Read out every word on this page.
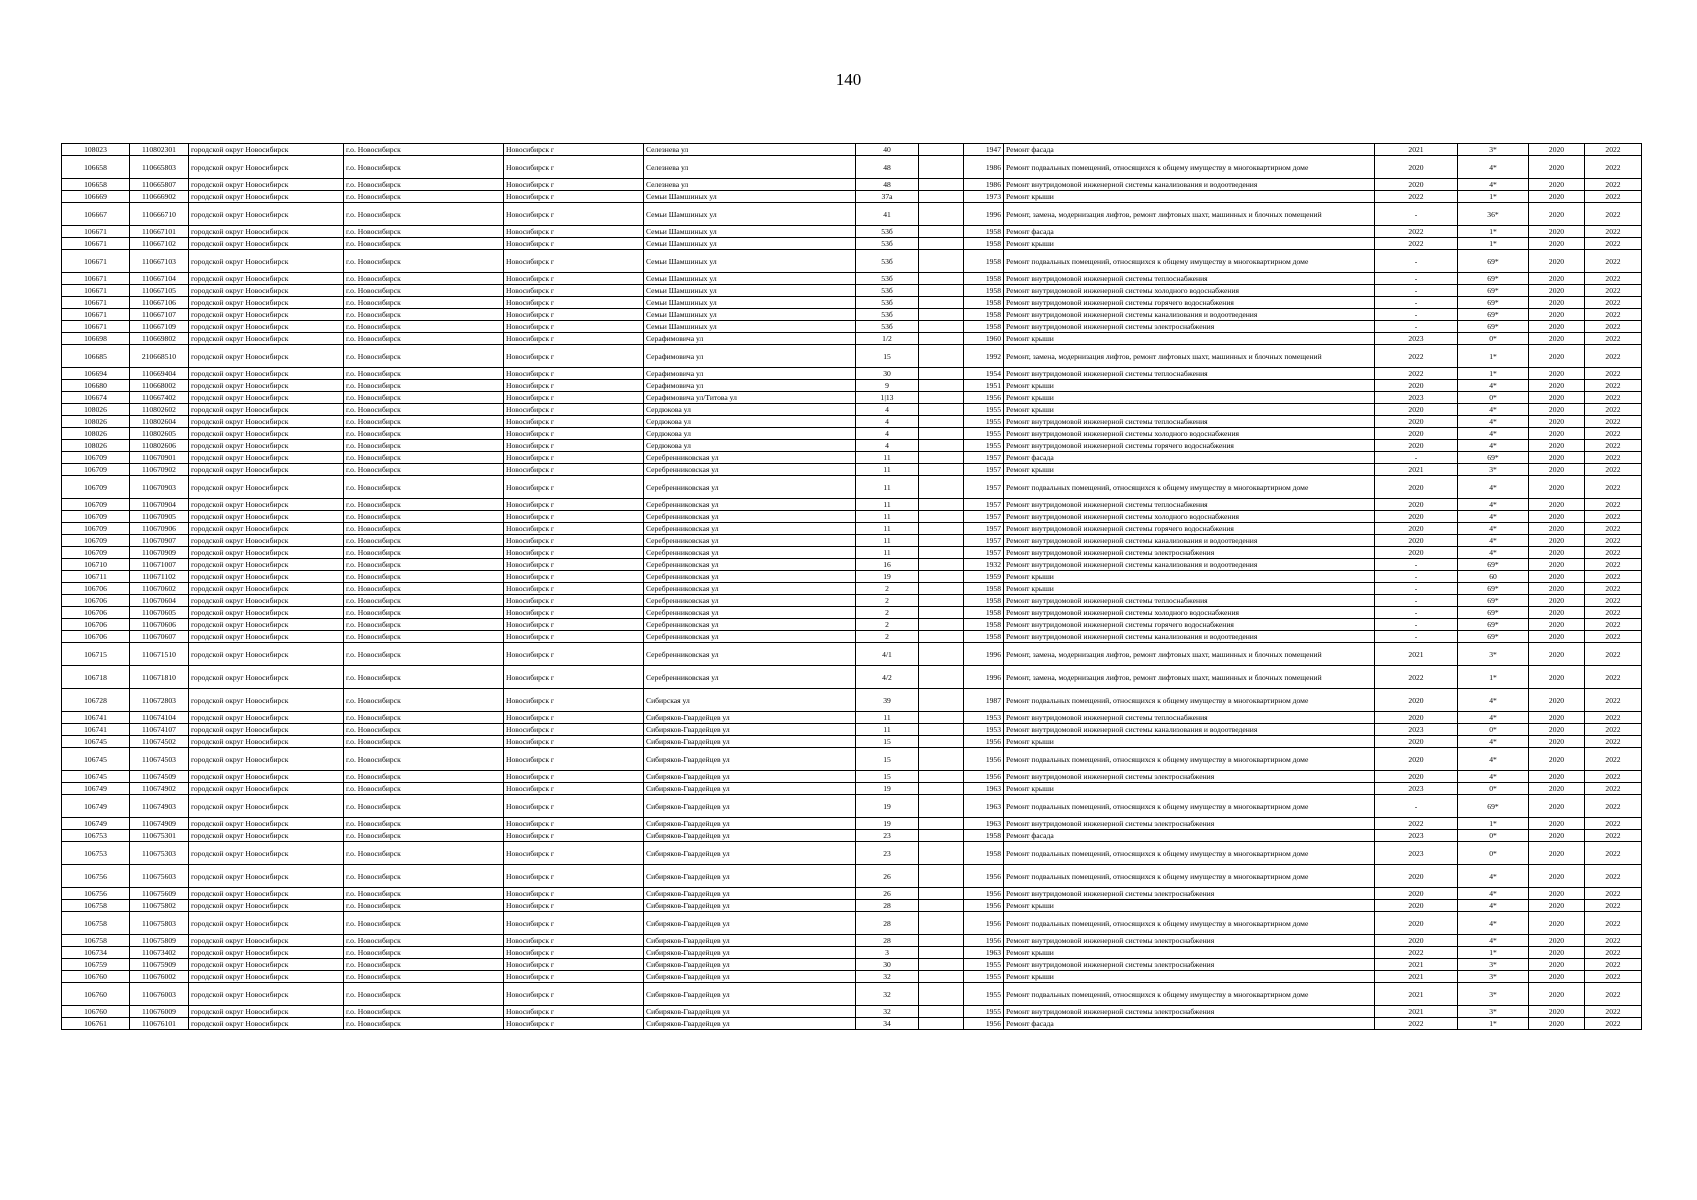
140
108023	110802301	городской округ Новосибирск	г.о. Новосибирск	Новосибирск г	Селезнева ул	40		1947	Ремонт фасада	2021	3*	2020	2022
106658	110665803	городской округ Новосибирск	г.о. Новосибирск	Новосибирск г	Селезнева ул	48		1986	Ремонт подвальных помещений, относящихся к общему имуществу в многоквартирном доме	2020	4*	2020	2022
106658	110665807	городской округ Новосибирск	г.о. Новосибирск	Новосибирск г	Селезнева ул	48		1986	Ремонт внутридомовой инженерной системы канализования и водоотведения	2020	4*	2020	2022
106669	110666902	городской округ Новосибирск	г.о. Новосибирск	Новосибирск г	Семьи Шамшиных ул	37а		1973	Ремонт крыши	2022	1*	2020	2022
106667	110666710	городской округ Новосибирск	г.о. Новосибирск	Новосибирск г	Семьи Шамшиных ул	41		1996	Ремонт, замена, модернизация лифтов, ремонт лифтовых шахт, машинных и блочных помещений	-	36*	2020	2022
106671	110667101	городской округ Новосибирск	г.о. Новосибирск	Новосибирск г	Семьи Шамшиных ул	53б		1958	Ремонт фасада	2022	1*	2020	2022
106671	110667102	городской округ Новосибирск	г.о. Новосибирск	Новосибирск г	Семьи Шамшиных ул	53б		1958	Ремонт крыши	2022	1*	2020	2022
106671	110667103	городской округ Новосибирск	г.о. Новосибирск	Новосибирск г	Семьи Шамшиных ул	53б		1958	Ремонт подвальных помещений, относящихся к общему имуществу в многоквартирном доме	-	69*	2020	2022
106671	110667104	городской округ Новосибирск	г.о. Новосибирск	Новосибирск г	Семьи Шамшиных ул	53б		1958	Ремонт внутридомовой инженерной системы теплоснабжения	-	69*	2020	2022
106671	110667105	городской округ Новосибирск	г.о. Новосибирск	Новосибирск г	Семьи Шамшиных ул	53б		1958	Ремонт внутридомовой инженерной системы холодного водоснабжения	-	69*	2020	2022
106671	110667106	городской округ Новосибирск	г.о. Новосибирск	Новосибирск г	Семьи Шамшиных ул	53б		1958	Ремонт внутридомовой инженерной системы горячего водоснабжения	-	69*	2020	2022
106671	110667107	городской округ Новосибирск	г.о. Новосибирск	Новосибирск г	Семьи Шамшиных ул	53б		1958	Ремонт внутридомовой инженерной системы канализования и водоотведения	-	69*	2020	2022
106671	110667109	городской округ Новосибирск	г.о. Новосибирск	Новосибирск г	Семьи Шамшиных ул	53б		1958	Ремонт внутридомовой инженерной системы электроснабжения	-	69*	2020	2022
106698	110669802	городской округ Новосибирск	г.о. Новосибирск	Новосибирск г	Серафимовича ул	1/2		1960	Ремонт крыши	2023	0*	2020	2022
106685	210668510	городской округ Новосибирск	г.о. Новосибирск	Новосибирск г	Серафимовича ул	15		1992	Ремонт, замена, модернизация лифтов, ремонт лифтовых шахт, машинных и блочных помещений	2022	1*	2020	2022
106694	110669404	городской округ Новосибирск	г.о. Новосибирск	Новосибирск г	Серафимовича ул	30		1954	Ремонт внутридомовой инженерной системы теплоснабжения	2022	1*	2020	2022
106680	110668002	городской округ Новосибирск	г.о. Новосибирск	Новосибирск г	Серафимовича ул	9		1951	Ремонт крыши	2020	4*	2020	2022
106674	110667402	городской округ Новосибирск	г.о. Новосибирск	Новосибирск г	Серафимовича ул/Титова ул	1|13		1956	Ремонт крыши	2023	0*	2020	2022
108026	110802602	городской округ Новосибирск	г.о. Новосибирск	Новосибирск г	Сердюкова ул	4		1955	Ремонт крыши	2020	4*	2020	2022
108026	110802604	городской округ Новосибирск	г.о. Новосибирск	Новосибирск г	Сердюкова ул	4		1955	Ремонт внутридомовой инженерной системы теплоснабжения	2020	4*	2020	2022
108026	110802605	городской округ Новосибирск	г.о. Новосибирск	Новосибирск г	Сердюкова ул	4		1955	Ремонт внутридомовой инженерной системы холодного водоснабжения	2020	4*	2020	2022
108026	110802606	городской округ Новосибирск	г.о. Новосибирск	Новосибирск г	Сердюкова ул	4		1955	Ремонт внутридомовой инженерной системы горячего водоснабжения	2020	4*	2020	2022
106709	110670901	городской округ Новосибирск	г.о. Новосибирск	Новосибирск г	Серебренниковская ул	11		1957	Ремонт фасада	-	69*	2020	2022
106709	110670902	городской округ Новосибирск	г.о. Новосибирск	Новосибирск г	Серебренниковская ул	11		1957	Ремонт крыши	2021	3*	2020	2022
106709	110670903	городской округ Новосибирск	г.о. Новосибирск	Новосибирск г	Серебренниковская ул	11		1957	Ремонт подвальных помещений, относящихся к общему имуществу в многоквартирном доме	2020	4*	2020	2022
106709	110670904	городской округ Новосибирск	г.о. Новосибирск	Новосибирск г	Серебренниковская ул	11		1957	Ремонт внутридомовой инженерной системы теплоснабжения	2020	4*	2020	2022
106709	110670905	городской округ Новосибирск	г.о. Новосибирск	Новосибирск г	Серебренниковская ул	11		1957	Ремонт внутридомовой инженерной системы холодного водоснабжения	2020	4*	2020	2022
106709	110670906	городской округ Новосибирск	г.о. Новосибирск	Новосибирск г	Серебренниковская ул	11		1957	Ремонт внутридомовой инженерной системы горячего водоснабжения	2020	4*	2020	2022
106709	110670907	городской округ Новосибирск	г.о. Новосибирск	Новосибирск г	Серебренниковская ул	11		1957	Ремонт внутридомовой инженерной системы канализования и водоотведения	2020	4*	2020	2022
106709	110670909	городской округ Новосибирск	г.о. Новосибирск	Новосибирск г	Серебренниковская ул	11		1957	Ремонт внутридомовой инженерной системы электроснабжения	2020	4*	2020	2022
106710	110671007	городской округ Новосибирск	г.о. Новосибирск	Новосибирск г	Серебренниковская ул	16		1932	Ремонт внутридомовой инженерной системы канализования и водоотведения	-	69*	2020	2022
106711	110671102	городской округ Новосибирск	г.о. Новосибирск	Новосибирск г	Серебренниковская ул	19		1959	Ремонт крыши	-	60	2020	2022
106706	110670602	городской округ Новосибирск	г.о. Новосибирск	Новосибирск г	Серебренниковская ул	2		1958	Ремонт крыши	-	69*	2020	2022
106706	110670604	городской округ Новосибирск	г.о. Новосибирск	Новосибирск г	Серебренниковская ул	2		1958	Ремонт внутридомовой инженерной системы теплоснабжения	-	69*	2020	2022
106706	110670605	городской округ Новосибирск	г.о. Новосибирск	Новосибирск г	Серебренниковская ул	2		1958	Ремонт внутридомовой инженерной системы холодного водоснабжения	-	69*	2020	2022
106706	110670606	городской округ Новосибирск	г.о. Новосибирск	Новосибирск г	Серебренниковская ул	2		1958	Ремонт внутридомовой инженерной системы горячего водоснабжения	-	69*	2020	2022
106706	110670607	городской округ Новосибирск	г.о. Новосибирск	Новосибирск г	Серебренниковская ул	2		1958	Ремонт внутридомовой инженерной системы канализования и водоотведения	-	69*	2020	2022
106715	110671510	городской округ Новосибирск	г.о. Новосибирск	Новосибирск г	Серебренниковская ул	4/1		1996	Ремонт, замена, модернизация лифтов, ремонт лифтовых шахт, машинных и блочных помещений	2021	3*	2020	2022
106718	110671810	городской округ Новосибирск	г.о. Новосибирск	Новосибирск г	Серебренниковская ул	4/2		1996	Ремонт, замена, модернизация лифтов, ремонт лифтовых шахт, машинных и блочных помещений	2022	1*	2020	2022
106728	110672803	городской округ Новосибирск	г.о. Новосибирск	Новосибирск г	Сибирская ул	39		1987	Ремонт подвальных помещений, относящихся к общему имуществу в многоквартирном доме	2020	4*	2020	2022
106741	110674104	городской округ Новосибирск	г.о. Новосибирск	Новосибирск г	Сибиряков-Гвардейцев ул	11		1953	Ремонт внутридомовой инженерной системы теплоснабжения	2020	4*	2020	2022
106741	110674107	городской округ Новосибирск	г.о. Новосибирск	Новосибирск г	Сибиряков-Гвардейцев ул	11		1953	Ремонт внутридомовой инженерной системы канализования и водоотведения	2023	0*	2020	2022
106745	110674502	городской округ Новосибирск	г.о. Новосибирск	Новосибирск г	Сибиряков-Гвардейцев ул	15		1956	Ремонт крыши	2020	4*	2020	2022
106745	110674503	городской округ Новосибирск	г.о. Новосибирск	Новосибирск г	Сибиряков-Гвардейцев ул	15		1956	Ремонт подвальных помещений, относящихся к общему имуществу в многоквартирном доме	2020	4*	2020	2022
106745	110674509	городской округ Новосибирск	г.о. Новосибирск	Новосибирск г	Сибиряков-Гвардейцев ул	15		1956	Ремонт внутридомовой инженерной системы электроснабжения	2020	4*	2020	2022
106749	110674902	городской округ Новосибирск	г.о. Новосибирск	Новосибирск г	Сибиряков-Гвардейцев ул	19		1963	Ремонт крыши	2023	0*	2020	2022
106749	110674903	городской округ Новосибирск	г.о. Новосибирск	Новосибирск г	Сибиряков-Гвардейцев ул	19		1963	Ремонт подвальных помещений, относящихся к общему имуществу в многоквартирном доме	-	69*	2020	2022
106749	110674909	городской округ Новосибирск	г.о. Новосибирск	Новосибирск г	Сибиряков-Гвардейцев ул	19		1963	Ремонт внутридомовой инженерной системы электроснабжения	2022	1*	2020	2022
106753	110675301	городской округ Новосибирск	г.о. Новосибирск	Новосибирск г	Сибиряков-Гвардейцев ул	23		1958	Ремонт фасада	2023	0*	2020	2022
106753	110675303	городской округ Новосибирск	г.о. Новосибирск	Новосибирск г	Сибиряков-Гвардейцев ул	23		1958	Ремонт подвальных помещений, относящихся к общему имуществу в многоквартирном доме	2023	0*	2020	2022
106756	110675603	городской округ Новосибирск	г.о. Новосибирск	Новосибирск г	Сибиряков-Гвардейцев ул	26		1956	Ремонт подвальных помещений, относящихся к общему имуществу в многоквартирном доме	2020	4*	2020	2022
106756	110675609	городской округ Новосибирск	г.о. Новосибирск	Новосибирск г	Сибиряков-Гвардейцев ул	26		1956	Ремонт внутридомовой инженерной системы электроснабжения	2020	4*	2020	2022
106758	110675802	городской округ Новосибирск	г.о. Новосибирск	Новосибирск г	Сибиряков-Гвардейцев ул	28		1956	Ремонт крыши	2020	4*	2020	2022
106758	110675803	городской округ Новосибирск	г.о. Новосибирск	Новосибирск г	Сибиряков-Гвардейцев ул	28		1956	Ремонт подвальных помещений, относящихся к общему имуществу в многоквартирном доме	2020	4*	2020	2022
106758	110675809	городской округ Новосибирск	г.о. Новосибирск	Новосибирск г	Сибиряков-Гвардейцев ул	28		1956	Ремонт внутридомовой инженерной системы электроснабжения	2020	4*	2020	2022
106734	110673402	городской округ Новосибирск	г.о. Новосибирск	Новосибирск г	Сибиряков-Гвардейцев ул	3		1963	Ремонт крыши	2022	1*	2020	2022
106759	110675909	городской округ Новосибирск	г.о. Новосибирск	Новосибирск г	Сибиряков-Гвардейцев ул	30		1955	Ремонт внутридомовой инженерной системы электроснабжения	2021	3*	2020	2022
106760	110676002	городской округ Новосибирск	г.о. Новосибирск	Новосибирск г	Сибиряков-Гвардейцев ул	32		1955	Ремонт крыши	2021	3*	2020	2022
106760	110676003	городской округ Новосибирск	г.о. Новосибирск	Новосибирск г	Сибиряков-Гвардейцев ул	32		1955	Ремонт подвальных помещений, относящихся к общему имуществу в многоквартирном доме	2021	3*	2020	2022
106760	110676009	городской округ Новосибирск	г.о. Новосибирск	Новосибирск г	Сибиряков-Гвардейцев ул	32		1955	Ремонт внутридомовой инженерной системы электроснабжения	2021	3*	2020	2022
106761	110676101	городской округ Новосибирск	г.о. Новосибирск	Новосибирск г	Сибиряков-Гвардейцев ул	34		1956	Ремонт фасада	2022	1*	2020	2022
